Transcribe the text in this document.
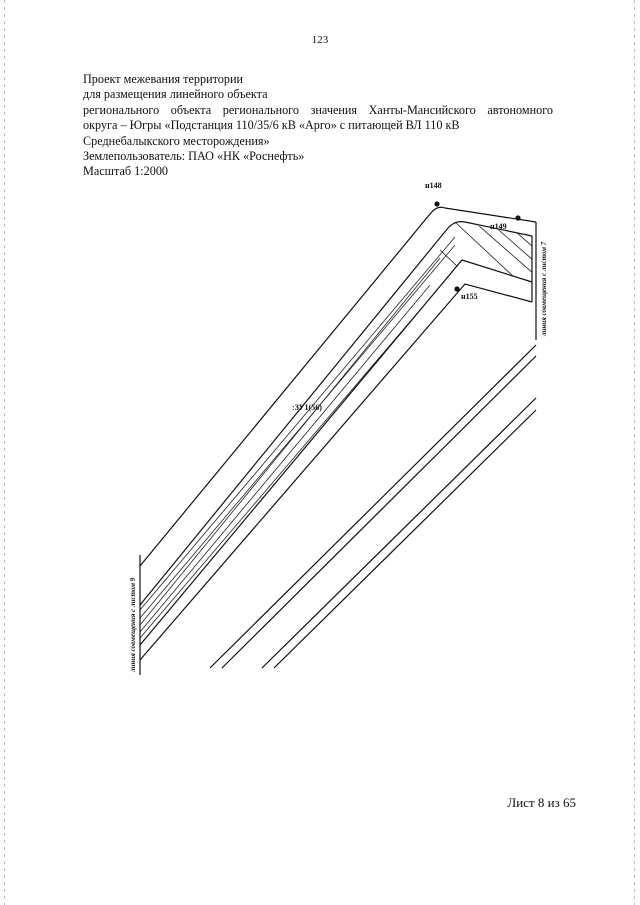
123
Проект межевания территории
для размещения линейного объекта
регионального объекта регионального значения Ханты-Мансийского автономного
округа – Югры «Подстанция 110/35/6 кВ «Арго» с питающей ВЛ 110 кВ
Среднебалыкского месторождения»
Землепользователь: ПАО «НК «Роснефть»
Масштаб 1:2000
н148
н149
н155
:ЗУ1(56)
линия совмещения с листом 9
линия совмещения с листом 7
Лист 8 из 65
